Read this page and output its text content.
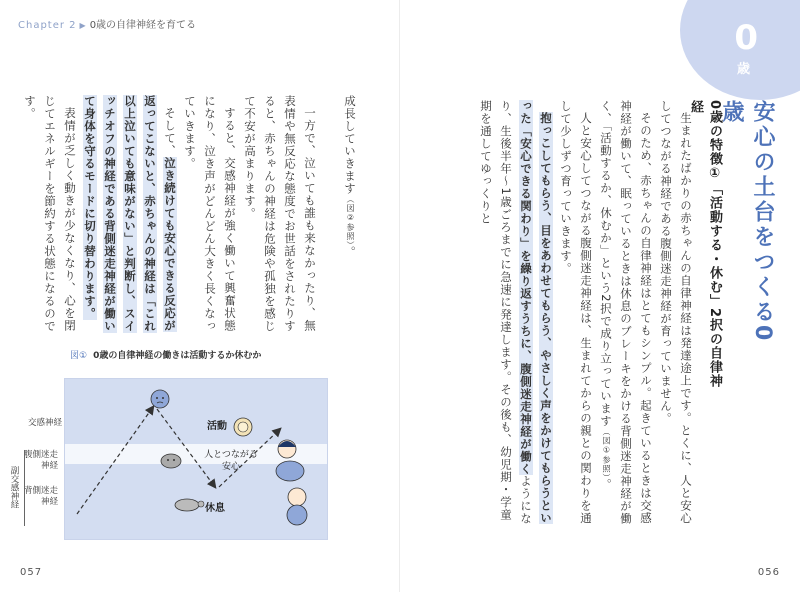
Chapter 2 ▶ 0歳の自律神経を育てる

成長していきます（図②参照）。

一方で、泣いても誰も来なかったり、無表情や無反応な態度でお世話をされたりすると、赤ちゃんの神経は危険や孤独を感じて不安が高まります。

すると、交感神経が強く働いて興奮状態になり、泣き声がどんどん大きく長くなっていきます。

そして、泣き続けても安心できる反応が返ってこないと、赤ちゃんの神経は「これ以上泣いても意味がない」と判断し、スイッチオフの神経である背側迷走神経が働いて身体を守るモードに切り替わります。

表情が乏しく動きが少なくなり、心を閉じてエネルギーを節約する状態になるのです。

図① 0歳の自律神経の働きは活動するか休むか
交感神経
腹側迷走神経
背側迷走神経
副交感神経
活動
人とつながる
安心
休息
057
0
歳
安心の土台をつくる0歳
0歳の特徴①「活動する・休む」2択の自律神経

生まれたばかりの赤ちゃんの自律神経は発達途上です。とくに、人と安心してつながる神経である腹側迷走神経が育っていません。

そのため、赤ちゃんの自律神経はとてもシンプル。起きているときは交感神経が働いて、眠っているときは休息のブレーキをかける背側迷走神経が働く、「活動するか、休むか」という2択で成り立っています（図①参照）。

人と安心してつながる腹側迷走神経は、生まれてからの親との関わりを通して少しずつ育っていきます。

抱っこしてもらう、目をあわせてもらう、やさしく声をかけてもらうといった「安心できる関わり」を繰り返すうちに、腹側迷走神経が働くようになり、生後半年〜1歳ごろまでに急速に発達します。その後も、幼児期・学童期を通してゆっくりと

056
